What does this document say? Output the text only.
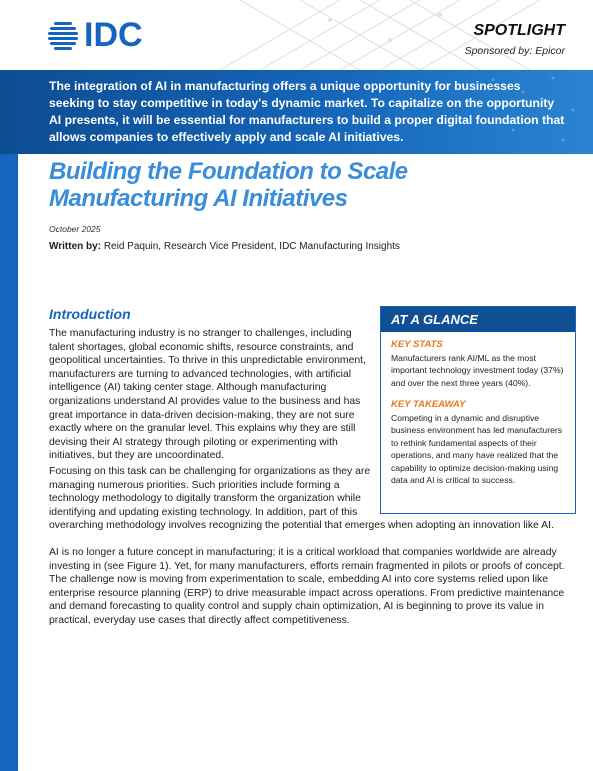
IDC	SPOTLIGHT
Sponsored by: Epicor

The integration of AI in manufacturing offers a unique opportunity for businesses seeking to stay competitive in today's dynamic market. To capitalize on the opportunity AI presents, it will be essential for manufacturers to build a proper digital foundation that allows companies to effectively apply and scale AI initiatives.

Building the Foundation to Scale Manufacturing AI Initiatives
October 2025
Written by: Reid Paquin, Research Vice President, IDC Manufacturing Insights
Introduction

The manufacturing industry is no stranger to challenges, including talent shortages, global economic shifts, resource constraints, and geopolitical uncertainties. To thrive in this unpredictable environment, manufacturers are turning to advanced technologies, with artificial intelligence (AI) taking center stage. Although manufacturing organizations understand AI provides value to the business and has great importance in data-driven decision-making, they are not sure exactly where on the granular level. This explains why they are still devising their AI strategy through piloting or experimenting with initiatives, but they are uncoordinated.

Focusing on this task can be challenging for organizations as they are managing numerous priorities. Such priorities include forming a technology methodology to digitally transform the organization while identifying and updating existing technology. In addition, part of this

overarching methodology involves recognizing the potential that emerges when adopting an innovation like AI.

AI is no longer a future concept in manufacturing; it is a critical workload that companies worldwide are already investing in (see Figure 1). Yet, for many manufacturers, efforts remain fragmented in pilots or proofs of concept. The challenge now is moving from experimentation to scale, embedding AI into core systems relied upon like enterprise resource planning (ERP) to drive measurable impact across operations. From predictive maintenance and demand forecasting to quality control and supply chain optimization, AI is beginning to prove its value in practical, everyday use cases that directly affect competitiveness.

AT A GLANCE
KEY STATS

Manufacturers rank AI/ML as the most important technology investment today (37%) and over the next three years (40%).

KEY TAKEAWAY

Competing in a dynamic and disruptive business environment has led manufacturers to rethink fundamental aspects of their operations, and many have realized that the capability to optimize decision-making using data and AI is critical to success.
